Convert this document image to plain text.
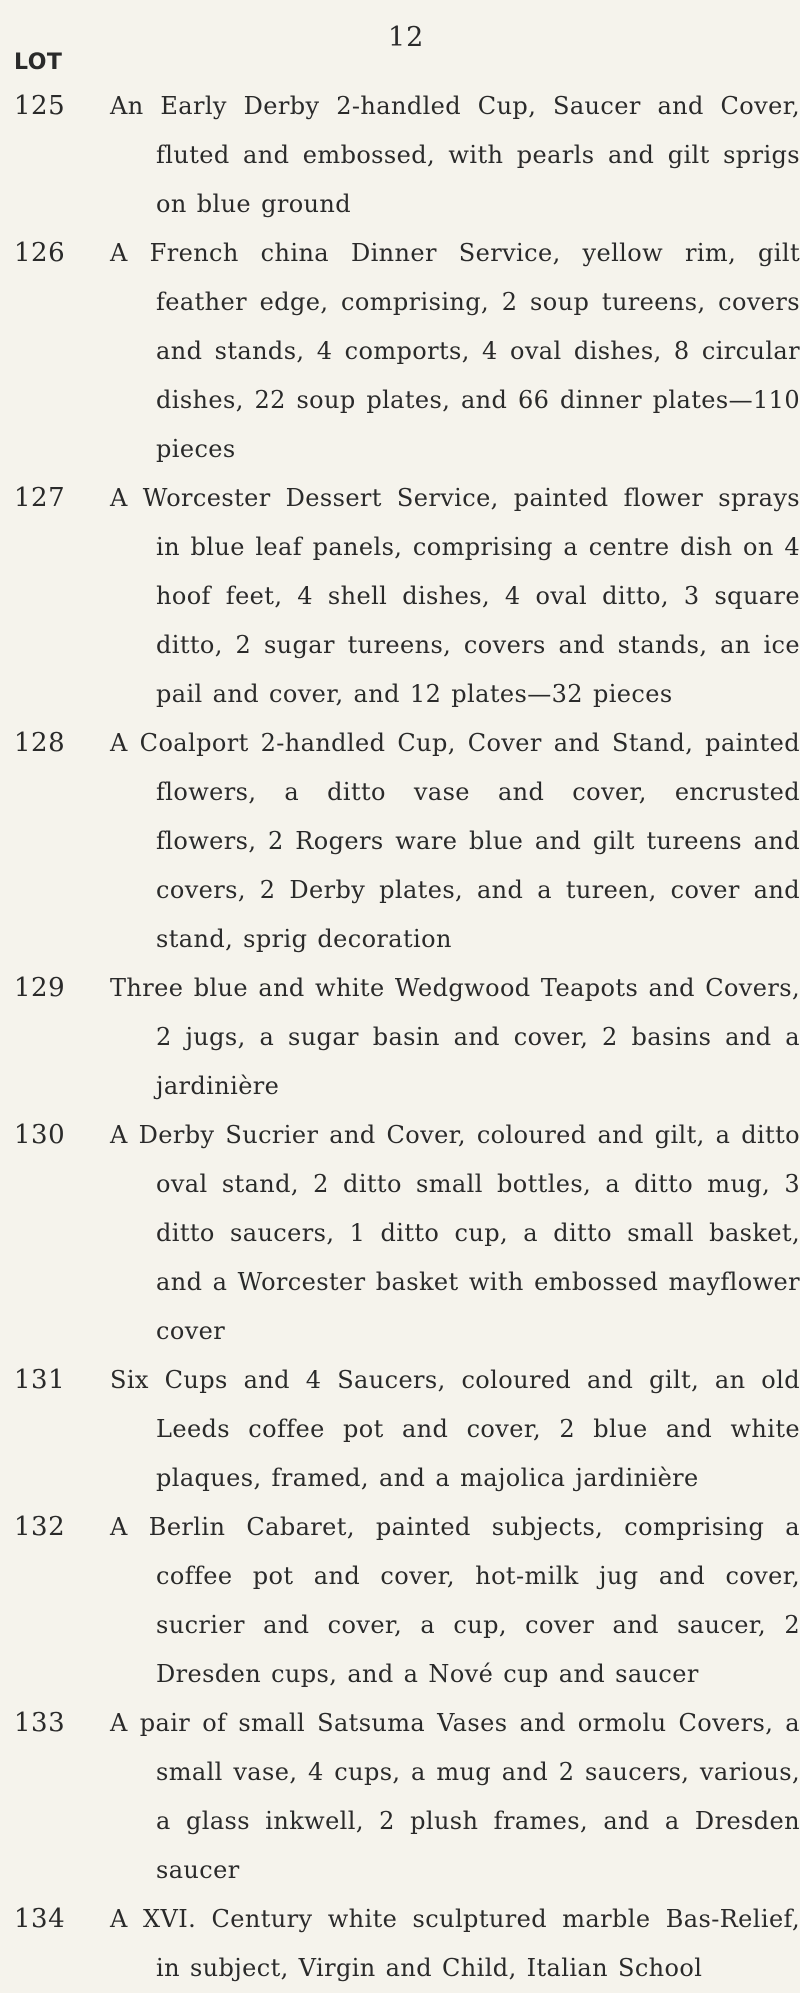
12
LOT
125	An Early Derby 2-handled Cup, Saucer and Cover, fluted and embossed, with pearls and gilt sprigs on blue ground
126	A French china Dinner Service, yellow rim, gilt feather edge, comprising, 2 soup tureens, covers and stands, 4 comports, 4 oval dishes, 8 circular dishes, 22 soup plates, and 66 dinner plates—110 pieces
127	A Worcester Dessert Service, painted flower sprays in blue leaf panels, comprising a centre dish on 4 hoof feet, 4 shell dishes, 4 oval ditto, 3 square ditto, 2 sugar tureens, covers and stands, an ice pail and cover, and 12 plates—32 pieces
128	A Coalport 2-handled Cup, Cover and Stand, painted flowers, a ditto vase and cover, encrusted flowers, 2 Rogers ware blue and gilt tureens and covers, 2 Derby plates, and a tureen, cover and stand, sprig decoration
129	Three blue and white Wedgwood Teapots and Covers, 2 jugs, a sugar basin and cover, 2 basins and a jardinière
130	A Derby Sucrier and Cover, coloured and gilt, a ditto oval stand, 2 ditto small bottles, a ditto mug, 3 ditto saucers, 1 ditto cup, a ditto small basket, and a Worcester basket with embossed mayflower cover
131	Six Cups and 4 Saucers, coloured and gilt, an old Leeds coffee pot and cover, 2 blue and white plaques, framed, and a majolica jardinière
132	A Berlin Cabaret, painted subjects, comprising a coffee pot and cover, hot-milk jug and cover, sucrier and cover, a cup, cover and saucer, 2 Dresden cups, and a Nové cup and saucer
133	A pair of small Satsuma Vases and ormolu Covers, a small vase, 4 cups, a mug and 2 saucers, various, a glass inkwell, 2 plush frames, and a Dresden saucer
134	A XVI. Century white sculptured marble Bas-Relief, in subject, Virgin and Child, Italian School
